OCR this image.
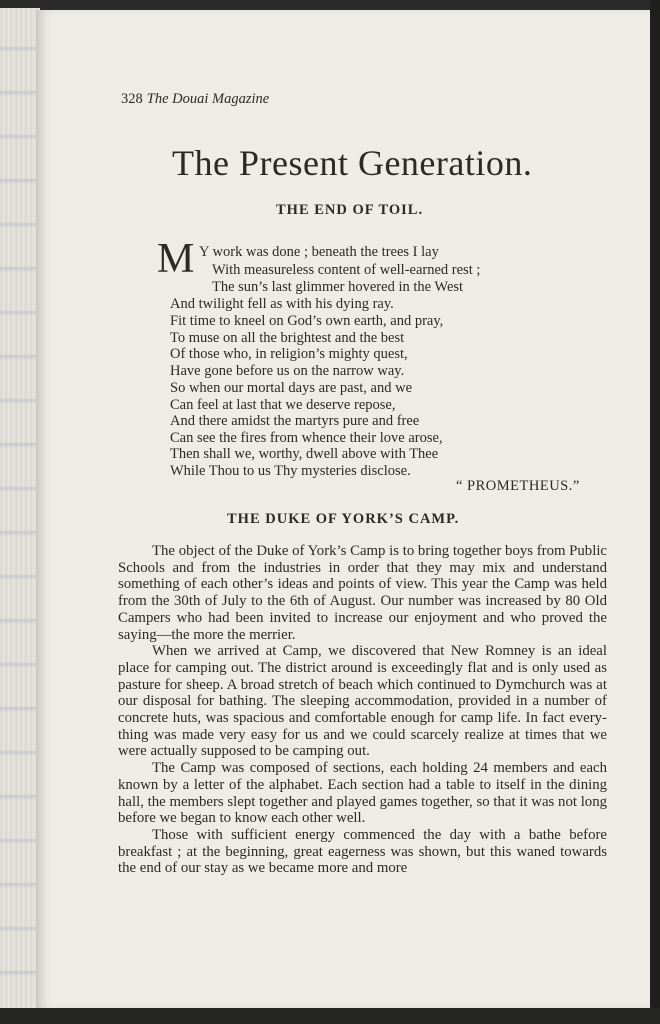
328 The Douai Magazine

The Present Generation.
THE END OF TOIL.
M Y work was done ; beneath the trees I lay

With measureless content of well-earned rest ;

The sun’s last glimmer hovered in the West

And twilight fell as with his dying ray.

Fit time to kneel on God’s own earth, and pray,

To muse on all the brightest and the best

Of those who, in religion’s mighty quest,

Have gone before us on the narrow way.

So when our mortal days are past, and we

Can feel at last that we deserve repose,

And there amidst the martyrs pure and free

Can see the fires from whence their love arose,

Then shall we, worthy, dwell above with Thee

While Thou to us Thy mysteries disclose.

“ PROMETHEUS.”

THE DUKE OF YORK’S CAMP.

The object of the Duke of York’s Camp is to bring together boys from Public Schools and from the industries in order that they may mix and understand something of each other’s ideas and points of view. This year the Camp was held from the 30th of July to the 6th of August. Our number was increased by 80 Old Campers who had been invited to increase our enjoyment and who proved the saying—the more the merrier.

When we arrived at Camp, we discovered that New Romney is an ideal place for camping out. The district around is exceedingly flat and is only used as pasture for sheep. A broad stretch of beach which continued to Dymchurch was at our disposal for bathing. The sleeping accommodation, provided in a number of concrete huts, was spacious and comfortable enough for camp life. In fact every-thing was made very easy for us and we could scarcely realize at times that we were actually supposed to be camping out.

The Camp was composed of sections, each holding 24 members and each known by a letter of the alphabet. Each section had a table to itself in the dining hall, the members slept together and played games together, so that it was not long before we began to know each other well.

Those with sufficient energy commenced the day with a bathe before breakfast ; at the beginning, great eagerness was shown, but this waned towards the end of our stay as we became more and more
